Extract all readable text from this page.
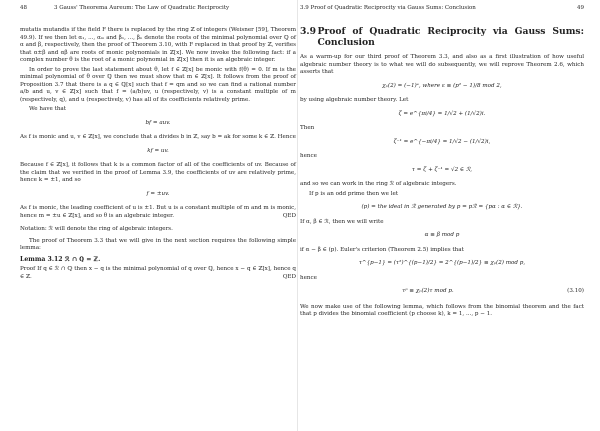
48	3 Gauss' Theorema Aureum: The Law of Quadratic Reciprocity

mutatis mutandis if the field F there is replaced by the ring ℤ of integers (Weisner [59], Theorem 49.9). If we then let α₁, ..., αₘ and β₁, ..., βₙ denote the roots of the minimal polynomial over ℚ of α and β, respectively, then the proof of Theorem 3.10, with F replaced in that proof by ℤ, verifies that α±β and αβ are roots of monic polynomials in ℤ[x]. We now invoke the following fact: if a complex number θ is the root of a monic polynomial in ℤ[x] then it is an algebraic integer.

In order to prove the last statement about θ, let f ∈ ℤ[x] be monic with f(θ) = 0. If m is the minimal polynomial of θ over ℚ then we must show that m ∈ ℤ[x]. It follows from the proof of Proposition 3.7 that there is a q ∈ ℚ[x] such that f = qm and so we can find a rational number a/b and u, v ∈ ℤ[x] such that f = (a/b)uv, u (respectively, v) is a constant multiple of m (respectively, q), and u (respectively, v) has all of its coefficients relatively prime.

We have that

bf = auv.

As f is monic and u, v ∈ ℤ[x], we conclude that a divides b in ℤ, say b = ak for some k ∈ ℤ. Hence

kf = uv.

Because f ∈ ℤ[x], it follows that k is a common factor of all of the coefficients of uv. Because of the claim that we verified in the proof of Lemma 3.9, the coefficients of uv are relatively prime, hence k = ±1, and so

f = ±uv.

As f is monic, the leading coefficient of u is ±1. But u is a constant multiple of m and m is monic, hence m = ±u ∈ ℤ[x], and so θ is an algebraic integer.	QED

Notation: ℛ will denote the ring of algebraic integers.

The proof of Theorem 3.3 that we will give in the next section requires the following simple lemma:

Lemma 3.12 ℛ ∩ ℚ = ℤ.

Proof If q ∈ ℛ ∩ ℚ then x − q is the minimal polynomial of q over ℚ, hence x − q ∈ ℤ[x], hence q ∈ ℤ.	QED

3.9 Proof of Quadratic Reciprocity via Gauss Sums: Conclusion	49
3.9 Proof of Quadratic Reciprocity via Gauss Sums: Conclusion

As a warm-up for our third proof of Theorem 3.3, and also as a first illustration of how useful algebraic number theory is to what we will do subsequently, we will reprove Theorem 2.6, which asserts that

χₚ(2) = (−1)ᵉ, where ε ≡ (p² − 1)/8 mod 2,

by using algebraic number theory. Let

ζ = e^{πi/4} = 1/√2 + (1/√2)i.

Then

ζ⁻¹ = e^{−πi/4} = 1/√2 − (1/√2)i,

hence

τ = ζ + ζ⁻¹ = √2 ∈ ℛ,

and so we can work in the ring ℛ of algebraic integers.

If p is an odd prime then we let

(p) = the ideal in ℛ generated by p = pℛ = {pα : α ∈ ℛ}.

If α, β ∈ ℛ, then we will write

α ≡ β mod p

if α − β ∈ (p). Euler's criterion (Theorem 2.5) implies that

τ^{p−1} = (τ²)^{(p−1)/2} = 2^{(p−1)/2} ≡ χₚ(2) mod p,

hence

τᵖ ≡ χₚ(2)τ mod p.	(3.10)

We now make use of the following lemma, which follows from the binomial theorem and the fact that p divides the binomial coefficient (p choose k), k = 1, ..., p − 1.
